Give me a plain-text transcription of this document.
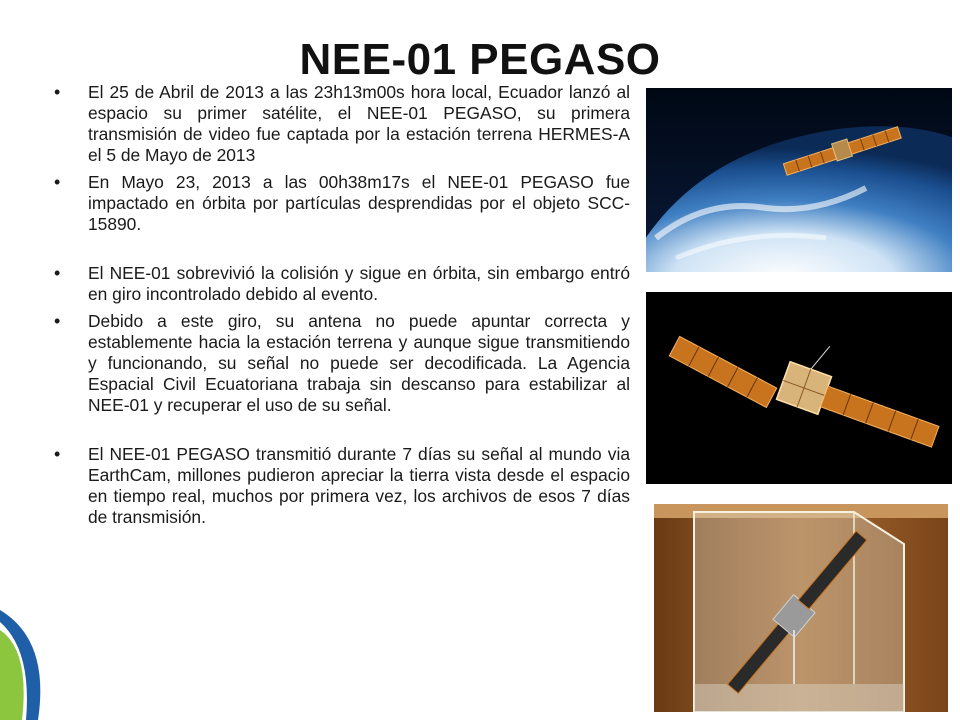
NEE-01 PEGASO
• El 25 de Abril de 2013 a las 23h13m00s hora local, Ecuador lanzó al espacio su primer satélite, el NEE-01 PEGASO, su primera transmisión de video fue captada por la estación terrena HERMES-A el 5 de Mayo de 2013
• En Mayo 23, 2013 a las 00h38m17s el NEE-01 PEGASO fue impactado en órbita por partículas desprendidas por el objeto SCC-15890.
• El NEE-01 sobrevivió la colisión y sigue en órbita, sin embargo entró en giro incontrolado debido al evento.
• Debido a este giro, su antena no puede apuntar correcta y establemente hacia la estación terrena y aunque sigue transmitiendo y funcionando, su señal no puede ser decodificada. La Agencia Espacial Civil Ecuatoriana trabaja sin descanso para estabilizar al NEE-01 y recuperar el uso de su señal.
• El NEE-01 PEGASO transmitió durante 7 días su señal al mundo via EarthCam, millones pudieron apreciar la tierra vista desde el espacio en tiempo real, muchos por primera vez, los archivos de esos 7 días de transmisión.
